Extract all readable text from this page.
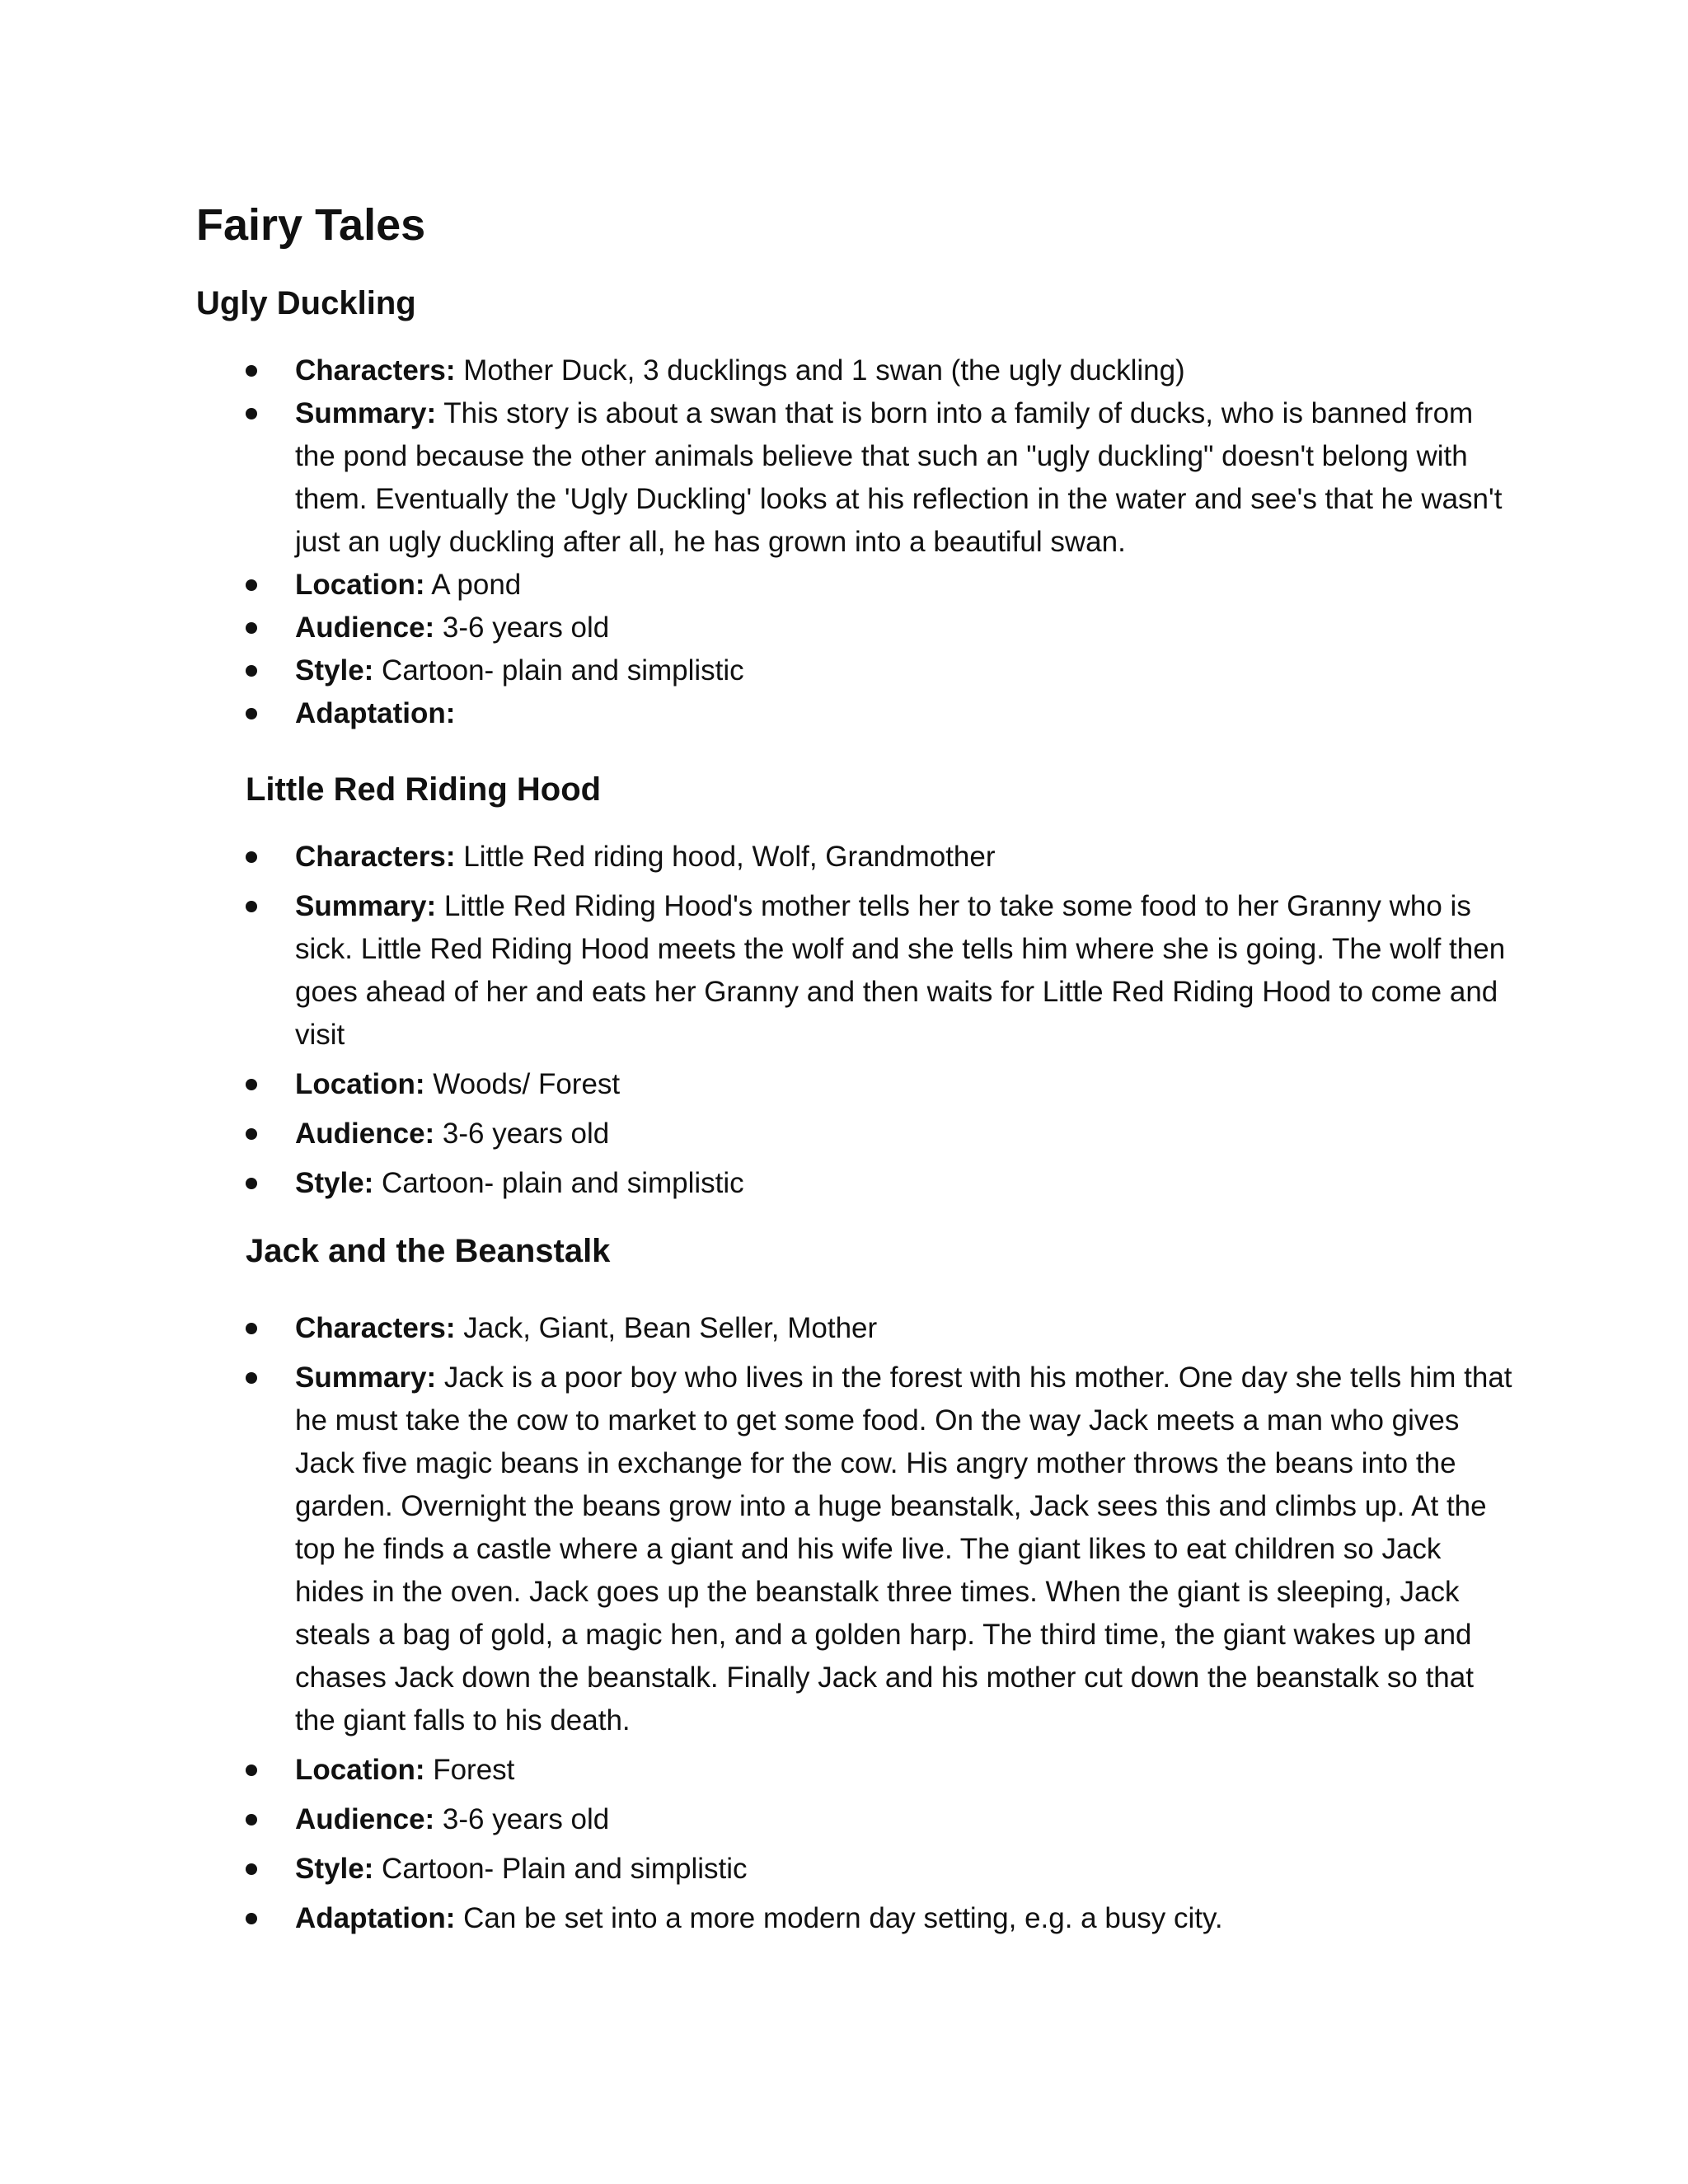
Fairy Tales
Ugly Duckling
Characters: Mother Duck, 3 ducklings and 1 swan (the ugly duckling)
Summary: This story is about a swan that is born into a family of ducks, who is banned from the pond because the other animals believe that such an "ugly duckling" doesn't belong with them. Eventually the 'Ugly Duckling' looks at his reflection in the water and see's that he wasn't just an ugly duckling after all, he has grown into a beautiful swan.
Location: A pond
Audience: 3-6 years old
Style: Cartoon- plain and simplistic
Adaptation:
Little Red Riding Hood
Characters: Little Red riding hood, Wolf, Grandmother
Summary: Little Red Riding Hood's mother tells her to take some food to her Granny who is sick. Little Red Riding Hood meets the wolf and she tells him where she is going. The wolf then goes ahead of her and eats her Granny and then waits for Little Red Riding Hood to come and visit
Location: Woods/ Forest
Audience: 3-6 years old
Style: Cartoon- plain and simplistic
Jack and the Beanstalk
Characters: Jack, Giant, Bean Seller, Mother
Summary: Jack is a poor boy who lives in the forest with his mother. One day she tells him that he must take the cow to market to get some food. On the way Jack meets a man who gives Jack five magic beans in exchange for the cow. His angry mother throws the beans into the garden. Overnight the beans grow into a huge beanstalk, Jack sees this and climbs up. At the top he finds a castle where a giant and his wife live. The giant likes to eat children so Jack hides in the oven. Jack goes up the beanstalk three times. When the giant is sleeping, Jack steals a bag of gold, a magic hen, and a golden harp. The third time, the giant wakes up and chases Jack down the beanstalk. Finally Jack and his mother cut down the beanstalk so that the giant falls to his death.
Location: Forest
Audience: 3-6 years old
Style: Cartoon- Plain and simplistic
Adaptation: Can be set into a more modern day setting, e.g. a busy city.
